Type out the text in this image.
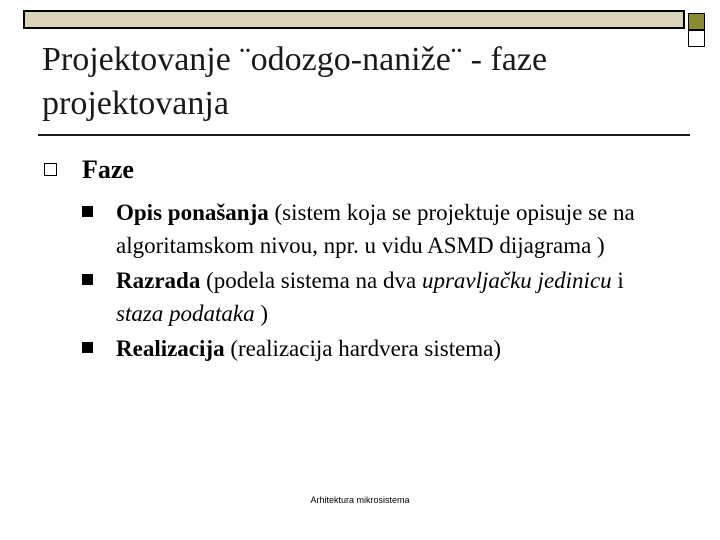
Projektovanje ¨odozgo-naniže¨ - faze projektovanja
Faze
Opis ponašanja (sistem koja se projektuje opisuje se na algoritamskom nivou, npr. u vidu ASMD dijagrama )
Razrada (podela sistema na dva upravljačku jedinicu i staza podataka )
Realizacija (realizacija hardvera sistema)
Arhitektura mikrosistema
